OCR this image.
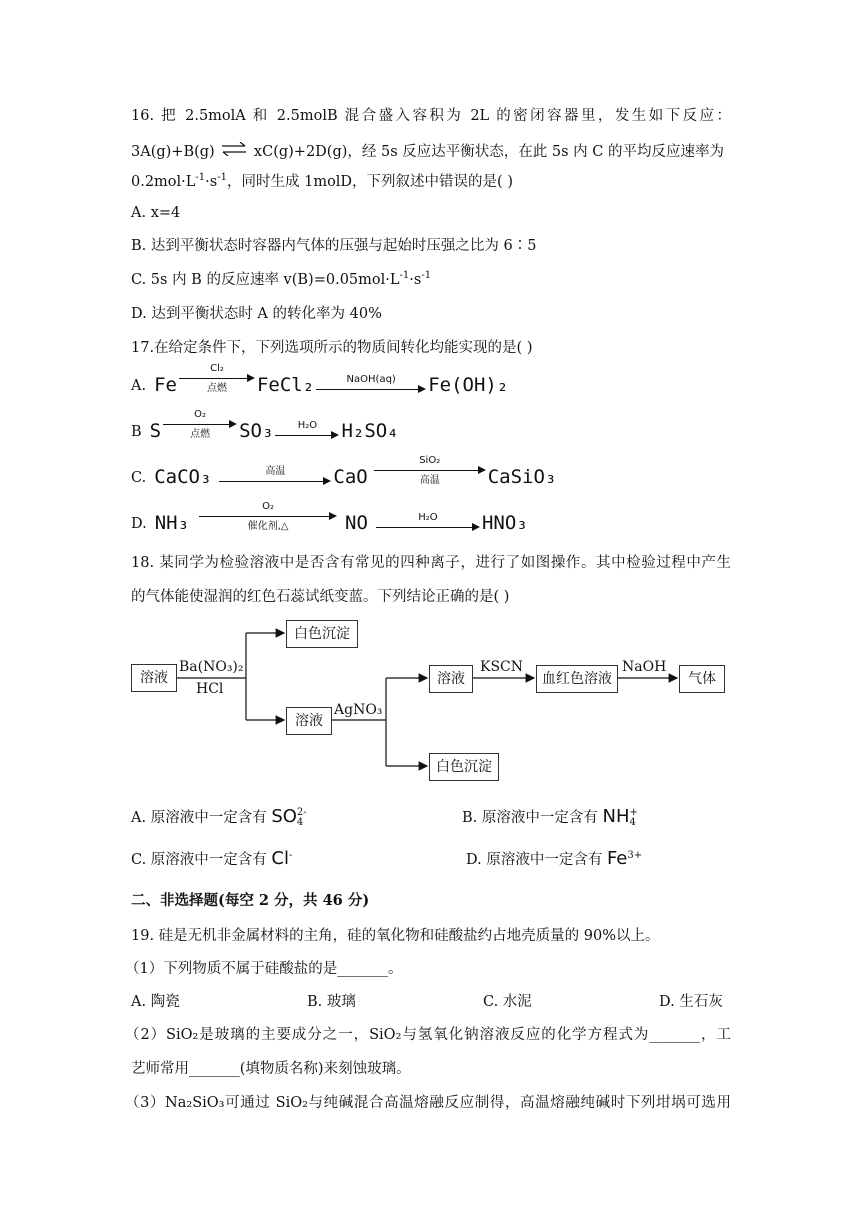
16. 把 2.5molA 和 2.5molB 混合盛入容积为 2L 的密闭容器里，发生如下反应：
3A(g)+B(g) ⇌ xC(g)+2D(g)，经 5s 反应达平衡状态，在此 5s 内 C 的平均反应速率为
$0.2mol\cdot L^{-1}\cdot s^{-1}$，同时生成 1molD，下列叙述中错误的是( )
A. x=4
B. 达到平衡状态时容器内气体的压强与起始时压强之比为 6∶5
C. 5s 内 B 的反应速率 $v(B)=0.05mol\cdot L^{-1}\cdot s^{-1}$
D. 达到平衡状态时 A 的转化率为 40%
17.在给定条件下，下列选项所示的物质间转化均能实现的是( )
A. Fe
Cl₂
点燃 FeCl₂	NaOH(aq) Fe(OH)₂
B S
O₂
点燃 SO₃ H₂O H₂SO₄
C. CaCO₃	高温	CaO
SiO₂
高温	CaSiO₃
D. NH₃
O₂
催化剂,△	NO	H₂O HNO₃
18. 某同学为检验溶液中是否含有常见的四种离子，进行了如图操作。其中检验过程中产生
的气体能使湿润的红色石蕊试纸变蓝。下列结论正确的是( )
溶液
Ba(NO₃)₂
HCl
白色沉淀
溶液
AgNO₃
溶液
KSCN
血红色溶液
NaOH
气体
白色沉淀
A. 原溶液中一定含有 SO 2-
4	B. 原溶液中一定含有 NH +
4
C. 原溶液中一定含有 Cl-	D. 原溶液中一定含有 $Fe^{3+}$
二、非选择题(每空 2 分，共 46 分)
19. 硅是无机非金属材料的主角，硅的氧化物和硅酸盐约占地壳质量的 90%以上。
（1）下列物质不属于硅酸盐的是_______。
A. 陶瓷	B. 玻璃	C. 水泥	D. 生石灰
（2）SiO₂是玻璃的主要成分之一，SiO₂与氢氧化钠溶液反应的化学方程式为_______，工
艺师常用_______(填物质名称)来刻蚀玻璃。
（3）Na₂SiO₃可通过 SiO₂与纯碱混合高温熔融反应制得，高温熔融纯碱时下列坩埚可选用
